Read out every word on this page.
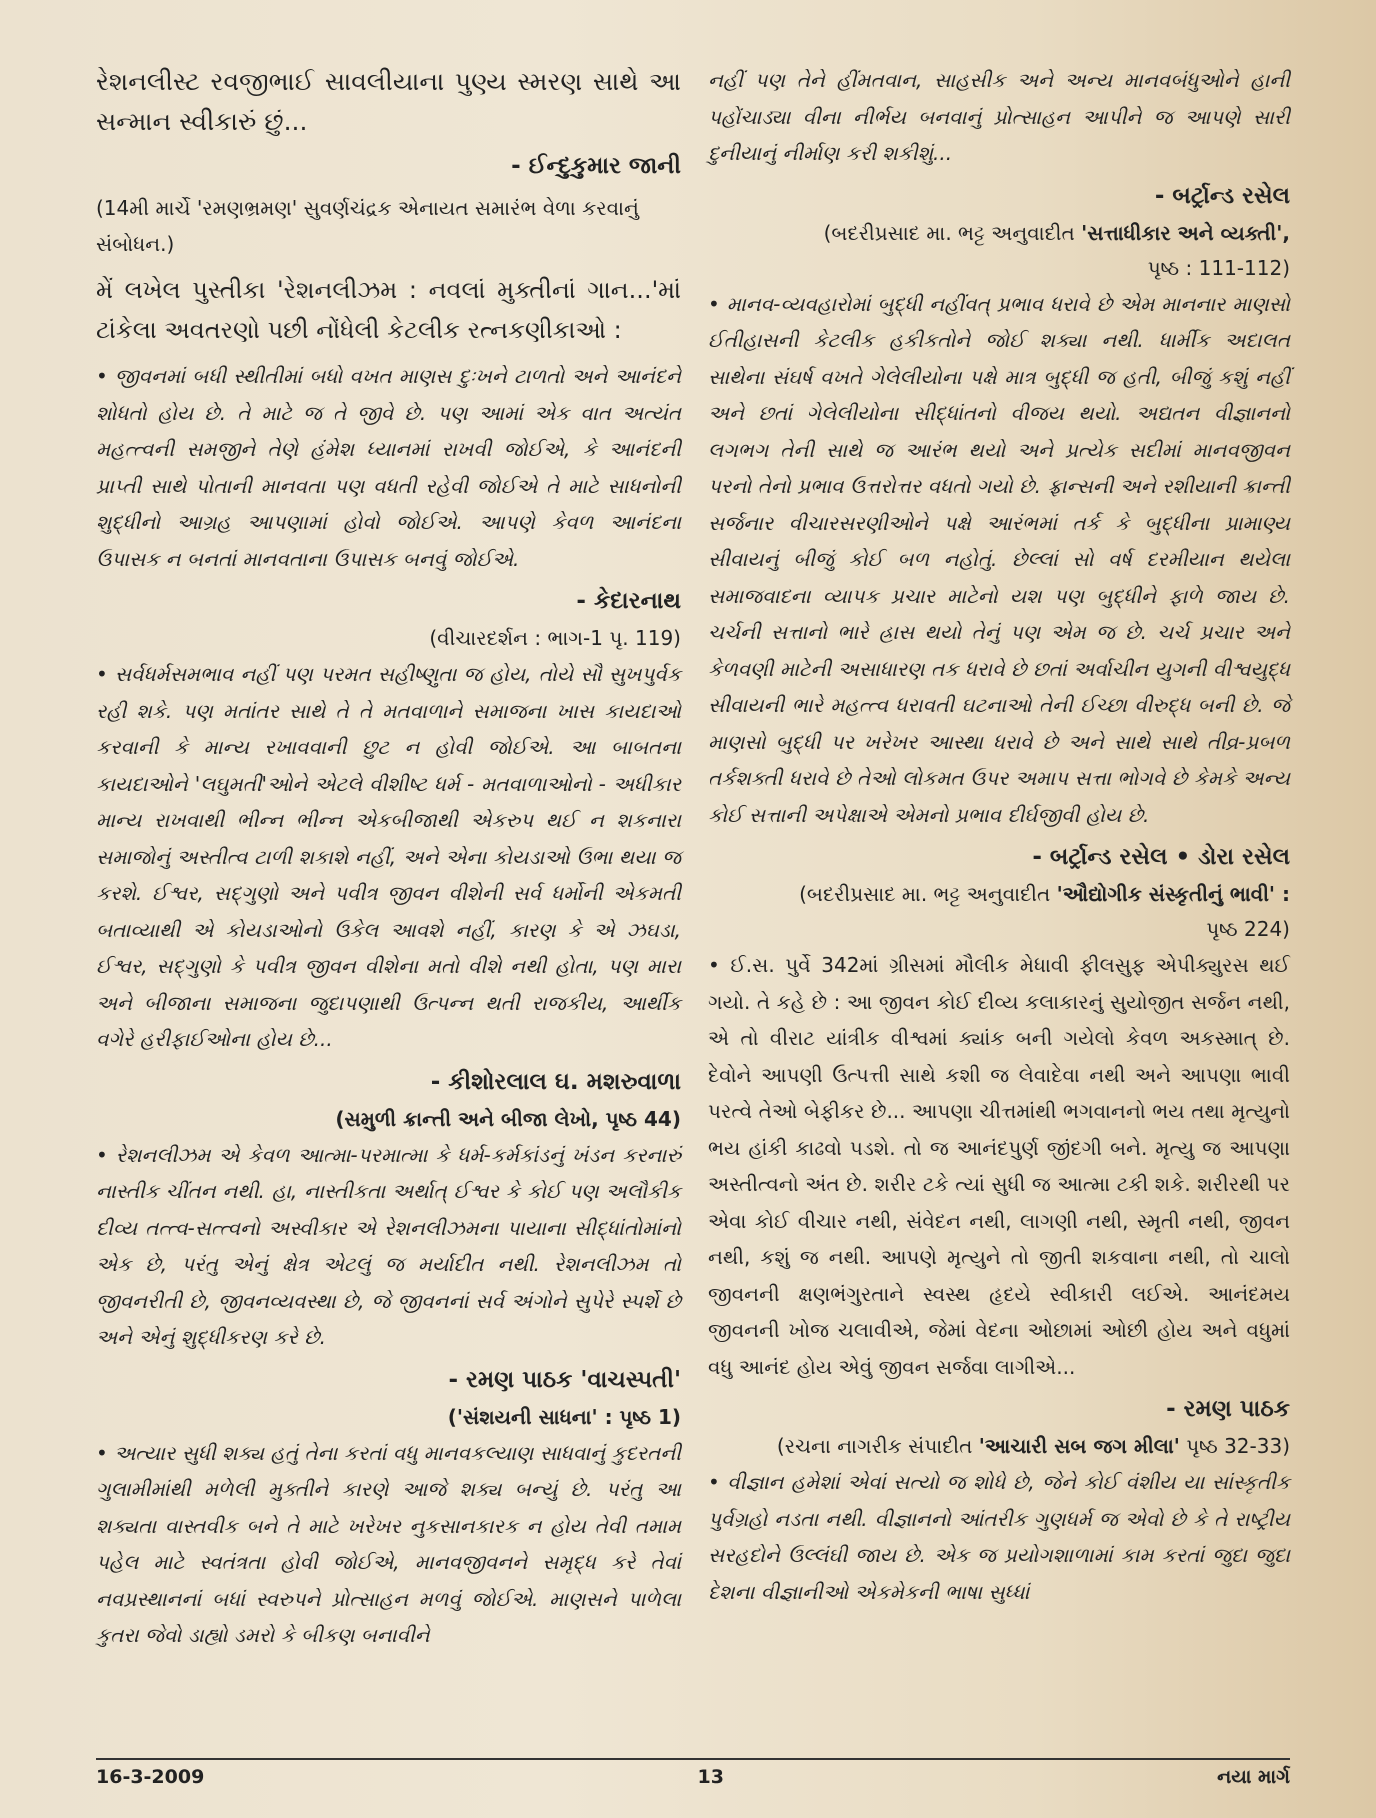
રેશનલીસ્ટ રવજીભાઈ સાવલીયાના પુણ્ય સ્મરણ સાથે આ સન્માન સ્વીકારું છું...

- ઈન્દુકુમાર જાની

(14મી માર્ચે 'રમણભ્રમણ' સુવર્ણચંદ્રક એનાયત સમારંભ વેળા કરવાનું સંબોધન.)

મેં લખેલ પુસ્તીકા 'રેશનલીઝમ : નવલાં મુક્તીનાં ગાન...'માં ટાંકેલા અવતરણો પછી નોંધેલી કેટલીક રત્નકણીકાઓ :

• જીવનમાં બધી સ્થીતીમાં બધો વખત માણસ દુઃખને ટાળતો અને આનંદને શોધતો હોય છે. તે માટે જ તે જીવે છે. પણ આમાં એક વાત અત્યંત મહત્ત્વની સમજીને તેણે હંમેશ ધ્યાનમાં રાખવી જોઈએ, કે આનંદની પ્રાપ્તી સાથે પોતાની માનવતા પણ વધતી રહેવી જોઈએ તે માટે સાધનોની શુદ્ધીનો આગ્રહ આપણામાં હોવો જોઈએ. આપણે કેવળ આનંદના ઉપાસક ન બનતાં માનવતાના ઉપાસક બનવું જોઈએ.

- કેદારનાથ

(વીચારદર્શન : ભાગ-1 પૃ. 119)

• સર્વધર્મસમભાવ નહીં પણ પરમત સહીષ્ણુતા જ હોય, તોયે સૌ સુખપુર્વક રહી શકે. પણ મતાંતર સાથે તે તે મતવાળાને સમાજના ખાસ કાયદાઓ કરવાની કે માન્ય રખાવવાની છુટ ન હોવી જોઈએ. આ બાબતના કાયદાઓને 'લઘુમતી'ઓને એટલે વીશીષ્ટ ધર્મ - મતવાળાઓનો - અધીકાર માન્ય રાખવાથી ભીન્ન ભીન્ન એકબીજાથી એકરુપ થઈ ન શકનારા સમાજોનું અસ્તીત્વ ટાળી શકાશે નહીં, અને એના કોયડાઓ ઉભા થયા જ કરશે. ઈશ્વર, સદ્‌ગુણો અને પવીત્ર જીવન વીશેની સર્વ ધર્મોની એકમતી બતાવ્યાથી એ કોયડાઓનો ઉકેલ આવશે નહીં, કારણ કે એ ઝઘડા, ઈશ્વર, સદ્‌ગુણો કે પવીત્ર જીવન વીશેના મતો વીશે નથી હોતા, પણ મારા અને બીજાના સમાજના જુદાપણાથી ઉત્પન્ન થતી રાજકીય, આર્થીક વગેરે હરીફાઈઓના હોય છે...

- કીશોરલાલ ઘ. મશરુવાળા

(સમુળી ક્રાન્તી અને બીજા લેખો, પૃષ્ઠ 44)

• રેશનલીઝમ એ કેવળ આત્મા-પરમાત્મા કે ધર્મ-કર્મકાંડનું ખંડન કરનારું નાસ્તીક ચીંતન નથી. હા, નાસ્તીકતા અર્થાત્ ઈશ્વર કે કોઈ પણ અલૌકીક દીવ્ય તત્ત્વ-સત્ત્વનો અસ્વીકાર એ રેશનલીઝમના પાયાના સીદ્ધાંતોમાંનો એક છે, પરંતુ એનું ક્ષેત્ર એટલું જ મર્યાદીત નથી. રેશનલીઝમ તો જીવનરીતી છે, જીવનવ્યવસ્થા છે, જે જીવનનાં સર્વ અંગોને સુપેરે સ્પર્શે છે અને એનું શુદ્ધીકરણ કરે છે.

- રમણ પાઠક 'વાચસ્પતી'

('સંશયની સાધના' : પૃષ્ઠ 1)

• અત્યાર સુધી શક્ય હતું તેના કરતાં વધુ માનવકલ્યાણ સાધવાનું કુદરતની ગુલામીમાંથી મળેલી મુક્તીને કારણે આજે શક્ય બન્યું છે. પરંતુ આ શક્યતા વાસ્તવીક બને તે માટે ખરેખર નુકસાનકારક ન હોય તેવી તમામ પહેલ માટે સ્વતંત્રતા હોવી જોઈએ, માનવજીવનને સમૃદ્ધ કરે તેવાં નવપ્રસ્થાનનાં બધાં સ્વરુપને પ્રોત્સાહન મળવું જોઈએ. માણસને પાળેલા કુતરા જેવો ડાહ્યો ડમરો કે બીકણ બનાવીને

નહીં પણ તેને હીંમતવાન, સાહસીક અને અન્ય માનવબંધુઓને હાની પહોંચાડ્યા વીના નીર્ભય બનવાનું પ્રોત્સાહન આપીને જ આપણે સારી દુનીયાનું નીર્માણ કરી શકીશું...

- બર્ટ્રાન્ડ રસેલ

(બદરીપ્રસાદ મા. ભટ્ટ અનુવાદીત 'સત્તાધીકાર અને વ્યક્તી',
પૃષ્ઠ : 111-112)

• માનવ-વ્યવહારોમાં બુદ્ધી નહીંવત્ પ્રભાવ ધરાવે છે એમ માનનાર માણસો ઈતીહાસની કેટલીક હકીકતોને જોઈ શક્યા નથી. ધાર્મીક અદાલત સાથેના સંઘર્ષ વખતે ગેલેલીયોના પક્ષે માત્ર બુદ્ધી જ હતી, બીજું કશું નહીં અને છતાં ગેલેલીયોના સીદ્ધાંતનો વીજય થયો. અદ્યતન વીજ્ઞાનનો લગભગ તેની સાથે જ આરંભ થયો અને પ્રત્યેક સદીમાં માનવજીવન પરનો તેનો પ્રભાવ ઉત્તરોત્તર વધતો ગયો છે. ફ્રાન્સની અને રશીયાની ક્રાન્તી સર્જનાર વીચારસરણીઓને પક્ષે આરંભમાં તર્ક કે બુદ્ધીના પ્રામાણ્ય સીવાયનું બીજું કોઈ બળ નહોતું. છેલ્લાં સો વર્ષ દરમીયાન થયેલા સમાજવાદના વ્યાપક પ્રચાર માટેનો યશ પણ બુદ્ધીને ફાળે જાય છે. ચર્ચની સત્તાનો ભારે હ્રાસ થયો તેનું પણ એમ જ છે. ચર્ચ પ્રચાર અને કેળવણી માટેની અસાધારણ તક ધરાવે છે છતાં અર્વાચીન યુગની વીશ્વયુદ્ધ સીવાયની ભારે મહત્ત્વ ધરાવતી ઘટનાઓ તેની ઈચ્છા વીરુદ્ધ બની છે. જે માણસો બુદ્ધી પર ખરેખર આસ્થા ધરાવે છે અને સાથે સાથે તીવ્ર-પ્રબળ તર્કશક્તી ધરાવે છે તેઓ લોકમત ઉપર અમાપ સત્તા ભોગવે છે કેમકે અન્ય કોઈ સત્તાની અપેક્ષાએ એમનો પ્રભાવ દીર્ઘજીવી હોય છે.

- બર્ટ્રાન્ડ રસેલ • ડોરા રસેલ

(બદરીપ્રસાદ મા. ભટ્ટ અનુવાદીત 'ઔદ્યોગીક સંસ્કૃતીનું ભાવી' :
પૃષ્ઠ 224)

• ઈ.સ. પુર્વે 342માં ગ્રીસમાં મૌલીક મેધાવી ફીલસુફ એપીક્યુરસ થઈ ગયો. તે કહે છે : આ જીવન કોઈ દીવ્ય કલાકારનું સુયોજીત સર્જન નથી, એ તો વીરાટ યાંત્રીક વીશ્વમાં ક્યાંક બની ગયેલો કેવળ અકસ્માત્ છે. દેવોને આપણી ઉત્પત્તી સાથે કશી જ લેવાદેવા નથી અને આપણા ભાવી પરત્વે તેઓ બેફીકર છે... આપણા ચીત્તમાંથી ભગવાનનો ભય તથા મૃત્યુનો ભય હાંકી કાઢવો પડશે. તો જ આનંદપુર્ણ જીંદગી બને. મૃત્યુ જ આપણા અસ્તીત્વનો અંત છે. શરીર ટકે ત્યાં સુધી જ આત્મા ટકી શકે. શરીરથી પર એવા કોઈ વીચાર નથી, સંવેદન નથી, લાગણી નથી, સ્મૃતી નથી, જીવન નથી, કશું જ નથી. આપણે મૃત્યુને તો જીતી શકવાના નથી, તો ચાલો જીવનની ક્ષણભંગુરતાને સ્વસ્થ હૃદયે સ્વીકારી લઈએ. આનંદમય જીવનની ખોજ ચલાવીએ, જેમાં વેદના ઓછામાં ઓછી હોય અને વધુમાં વધુ આનંદ હોય એવું જીવન સર્જવા લાગીએ...

- રમણ પાઠક

(રચના નાગરીક સંપાદીત 'આચારી સબ જગ મીલા' પૃષ્ઠ 32-33)

• વીજ્ઞાન હમેશાં એવાં સત્યો જ શોધે છે, જેને કોઈ વંશીય યા સાંસ્કૃતીક પુર્વગ્રહો નડતા નથી. વીજ્ઞાનનો આંતરીક ગુણધર્મ જ એવો છે કે તે રાષ્ટ્રીય સરહદોને ઉલ્લંઘી જાય છે. એક જ પ્રયોગશાળામાં કામ કરતાં જુદા જુદા દેશના વીજ્ઞાનીઓ એકમેકની ભાષા સુધ્ધાં

16-3-2009	13	નયા માર્ગ
